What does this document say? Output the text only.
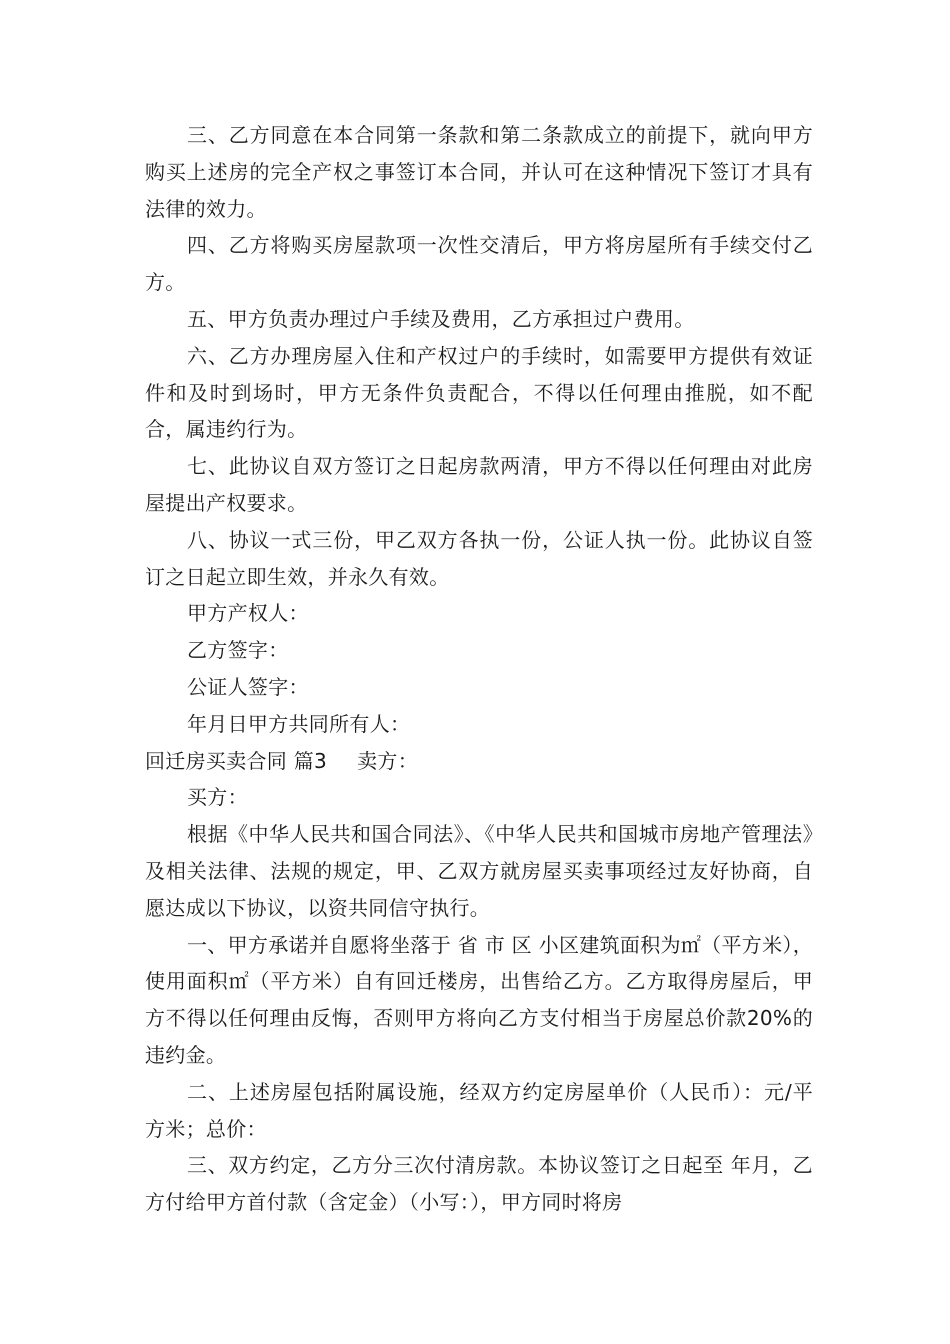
三、乙方同意在本合同第一条款和第二条款成立的前提下，就向甲方购买上述房的完全产权之事签订本合同，并认可在这种情况下签订才具有法律的效力。

四、乙方将购买房屋款项一次性交清后，甲方将房屋所有手续交付乙方。

五、甲方负责办理过户手续及费用，乙方承担过户费用。

六、乙方办理房屋入住和产权过户的手续时，如需要甲方提供有效证件和及时到场时，甲方无条件负责配合，不得以任何理由推脱，如不配合，属违约行为。

七、此协议自双方签订之日起房款两清，甲方不得以任何理由对此房屋提出产权要求。

八、协议一式三份，甲乙双方各执一份，公证人执一份。此协议自签订之日起立即生效，并永久有效。

甲方产权人：

乙方签字：

公证人签字：

年月日甲方共同所有人：

回迁房买卖合同 篇3 卖方：

买方：

根据《中华人民共和国合同法》、《中华人民共和国城市房地产管理法》及相关法律、法规的规定，甲、乙双方就房屋买卖事项经过友好协商，自愿达成以下协议，以资共同信守执行。

一、甲方承诺并自愿将坐落于 省 市 区 小区建筑面积为㎡（平方米），使用面积㎡（平方米）自有回迁楼房，出售给乙方。乙方取得房屋后，甲方不得以任何理由反悔，否则甲方将向乙方支付相当于房屋总价款20%的违约金。

二、上述房屋包括附属设施，经双方约定房屋单价（人民币）：元/平方米；总价：

三、双方约定，乙方分三次付清房款。本协议签订之日起至 年月，乙方付给甲方首付款（含定金）（小写：），甲方同时将房
